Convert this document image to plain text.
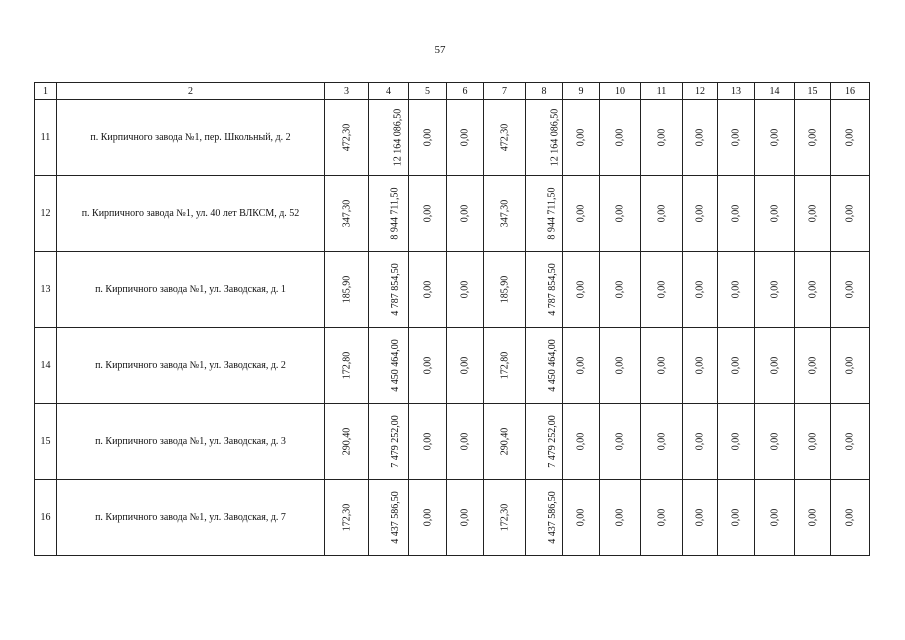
57
1	2	3	4	5	6	7	8	9	10	11	12	13	14	15	16
11	п. Кирпичного завода №1, пер. Школьный, д. 2	472,30	12 164 086,50	0,00	0,00	472,30	12 164 086,50	0,00	0,00	0,00	0,00	0,00	0,00	0,00	0,00
12	п. Кирпичного завода №1, ул. 40 лет ВЛКСМ, д. 52	347,30	8 944 711,50	0,00	0,00	347,30	8 944 711,50	0,00	0,00	0,00	0,00	0,00	0,00	0,00	0,00
13	п. Кирпичного завода №1, ул. Заводская, д. 1	185,90	4 787 854,50	0,00	0,00	185,90	4 787 854,50	0,00	0,00	0,00	0,00	0,00	0,00	0,00	0,00
14	п. Кирпичного завода №1, ул. Заводская, д. 2	172,80	4 450 464,00	0,00	0,00	172,80	4 450 464,00	0,00	0,00	0,00	0,00	0,00	0,00	0,00	0,00
15	п. Кирпичного завода №1, ул. Заводская, д. 3	290,40	7 479 252,00	0,00	0,00	290,40	7 479 252,00	0,00	0,00	0,00	0,00	0,00	0,00	0,00	0,00
16	п. Кирпичного завода №1, ул. Заводская, д. 7	172,30	4 437 586,50	0,00	0,00	172,30	4 437 586,50	0,00	0,00	0,00	0,00	0,00	0,00	0,00	0,00
